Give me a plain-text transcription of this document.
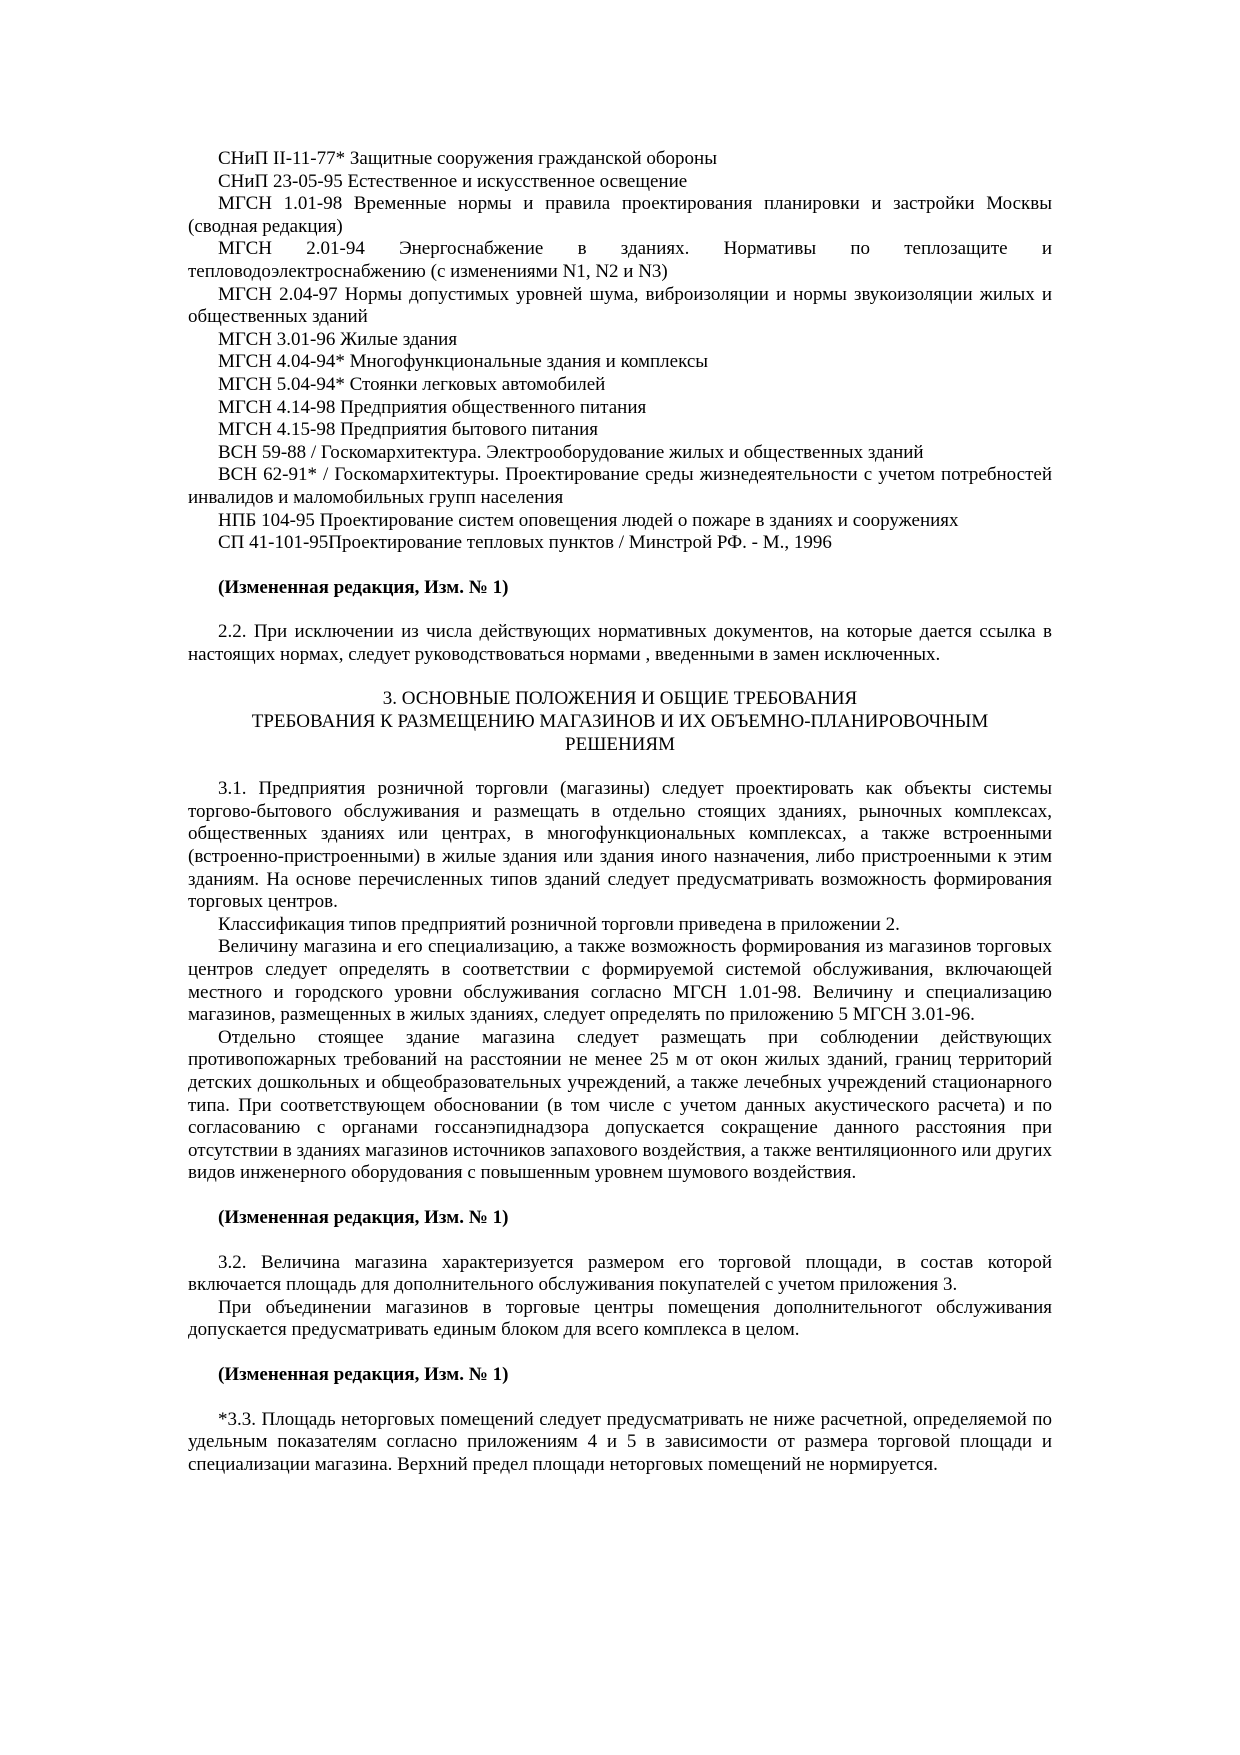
СНиП II-11-77* Защитные сооружения гражданской обороны

СНиП 23-05-95 Естественное и искусственное освещение

МГСН 1.01-98 Временные нормы и правила проектирования планировки и застройки Москвы (сводная редакция)

МГСН 2.01-94 Энергоснабжение в зданиях. Нормативы по теплозащите и тепловодоэлектроснабжению (с изменениями N1, N2 и N3)

МГСН 2.04-97 Нормы допустимых уровней шума, виброизоляции и нормы звукоизоляции жилых и общественных зданий

МГСН 3.01-96 Жилые здания

МГСН 4.04-94* Многофункциональные здания и комплексы

МГСН 5.04-94* Стоянки легковых автомобилей

МГСН 4.14-98 Предприятия общественного питания

МГСН 4.15-98 Предприятия бытового питания

ВСН 59-88 / Госкомархитектура. Электрооборудование жилых и общественных зданий

ВСН 62-91* / Госкомархитектуры. Проектирование среды жизнедеятельности с учетом потребностей инвалидов и маломобильных групп населения

НПБ 104-95 Проектирование систем оповещения людей о пожаре в зданиях и сооружениях

СП 41-101-95Проектирование тепловых пунктов / Минстрой РФ. - М., 1996

(Измененная редакция, Изм. № 1)

2.2. При исключении из числа действующих нормативных документов, на которые дается ссылка в настоящих нормах, следует руководствоваться нормами , введенными в замен исключенных.

3. ОСНОВНЫЕ ПОЛОЖЕНИЯ И ОБЩИЕ ТРЕБОВАНИЯ

ТРЕБОВАНИЯ К РАЗМЕЩЕНИЮ МАГАЗИНОВ И ИХ ОБЪЕМНО-ПЛАНИРОВОЧНЫМ

РЕШЕНИЯМ

3.1. Предприятия розничной торговли (магазины) следует проектировать как объекты системы торгово-бытового обслуживания и размещать в отдельно стоящих зданиях, рыночных комплексах, общественных зданиях или центрах, в многофункциональных комплексах, а также встроенными (встроенно-пристроенными) в жилые здания или здания иного назначения, либо пристроенными к этим зданиям. На основе перечисленных типов зданий следует предусматривать возможность формирования торговых центров.

Классификация типов предприятий розничной торговли приведена в приложении 2.

Величину магазина и его специализацию, а также возможность формирования из магазинов торговых центров следует определять в соответствии с формируемой системой обслуживания, включающей местного и городского уровни обслуживания согласно МГСН 1.01-98. Величину и специализацию магазинов, размещенных в жилых зданиях, следует определять по приложению 5 МГСН 3.01-96.

Отдельно стоящее здание магазина следует размещать при соблюдении действующих противопожарных требований на расстоянии не менее 25 м от окон жилых зданий, границ территорий детских дошкольных и общеобразовательных учреждений, а также лечебных учреждений стационарного типа. При соответствующем обосновании (в том числе с учетом данных акустического расчета) и по согласованию с органами госсанэпиднадзора допускается сокращение данного расстояния при отсутствии в зданиях магазинов источников запахового воздействия, а также вентиляционного или других видов инженерного оборудования с повышенным уровнем шумового воздействия.

(Измененная редакция, Изм. № 1)

3.2. Величина магазина характеризуется размером его торговой площади, в состав которой включается площадь для дополнительного обслуживания покупателей с учетом приложения 3.

При объединении магазинов в торговые центры помещения дополнительногот обслуживания допускается предусматривать единым блоком для всего комплекса в целом.

(Измененная редакция, Изм. № 1)

*3.3. Площадь неторговых помещений следует предусматривать не ниже расчетной, определяемой по удельным показателям согласно приложениям 4 и 5 в зависимости от размера торговой площади и специализации магазина. Верхний предел площади неторговых помещений не нормируется.
